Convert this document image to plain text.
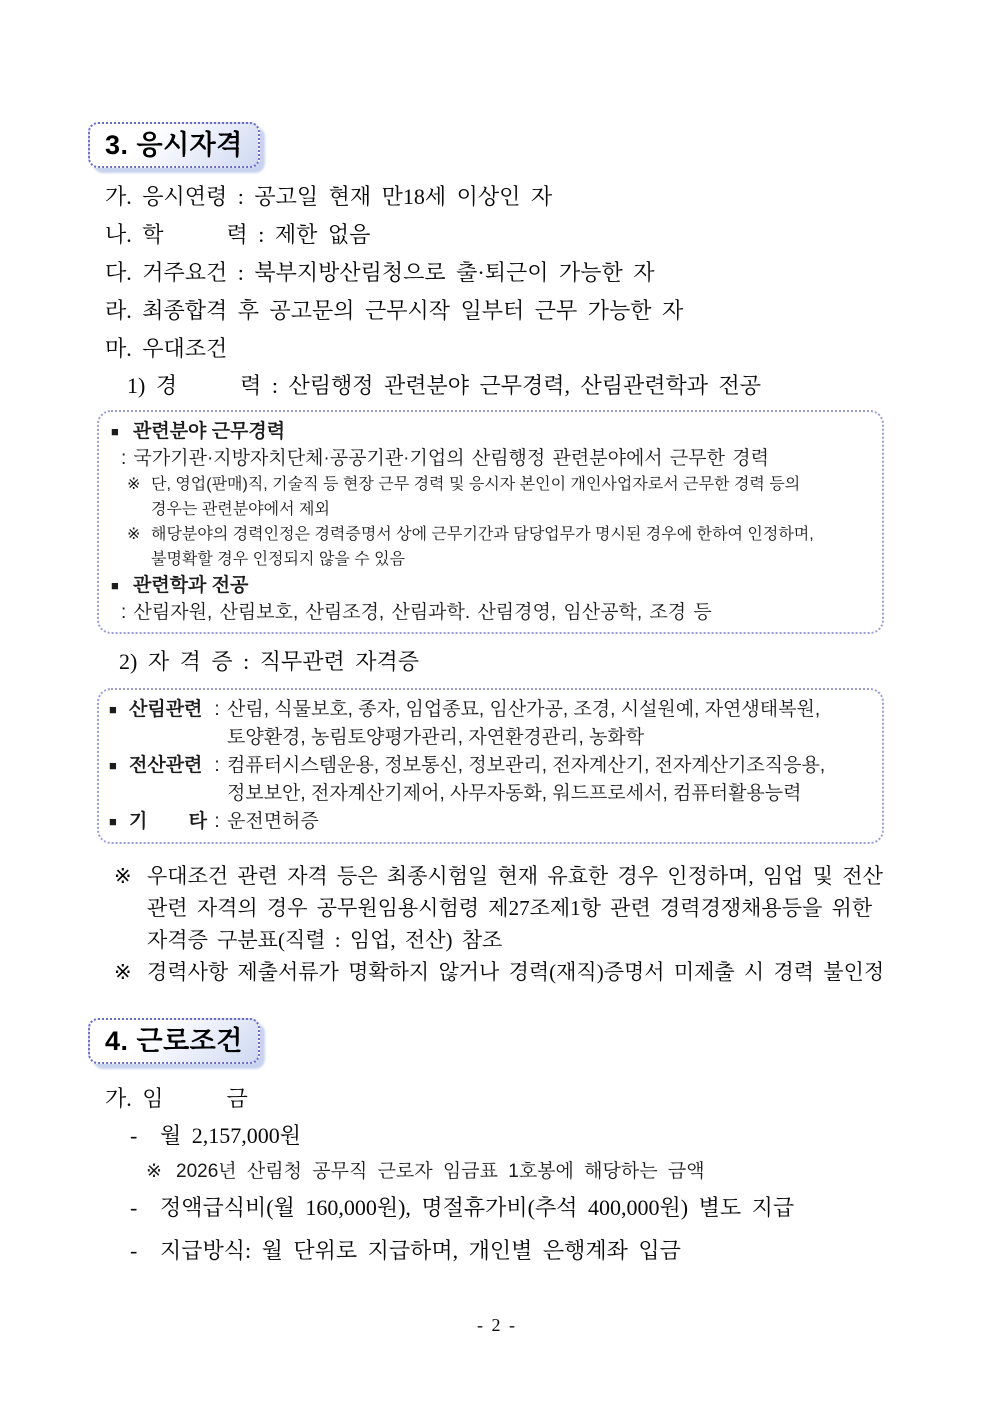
3. 응시자격
가. 응시연령 : 공고일 현재 만18세 이상인 자
나. 학      력 : 제한 없음
다. 거주요건 : 북부지방산림청으로 출·퇴근이 가능한 자
라. 최종합격 후 공고문의 근무시작 일부터 근무 가능한 자
마. 우대조건
1) 경      력 : 산림행정 관련분야 근무경력, 산림관련학과 전공
■ 관련분야 근무경력
: 국가기관·지방자치단체·공공기관·기업의 산림행정 관련분야에서 근무한 경력
※ 단, 영업(판매)직, 기술직 등 현장 근무 경력 및 응시자 본인이 개인사업자로서 근무한 경력 등의
경우는 관련분야에서 제외
※ 해당분야의 경력인정은 경력증명서 상에 근무기간과 담당업무가 명시된 경우에 한하여 인정하며,
불명확할 경우 인정되지 않을 수 있음
■ 관련학과 전공
: 산림자원, 산림보호, 산림조경, 산림과학. 산림경영, 임산공학, 조경 등
2) 자 격 증 : 직무관련 자격증
■ 산림관련 : 산림, 식물보호, 종자, 임업종묘, 임산가공, 조경, 시설원예, 자연생태복원,
토양환경, 농림토양평가관리, 자연환경관리, 농화학
■ 전산관련 : 컴퓨터시스템운용, 정보통신, 정보관리, 전자계산기, 전자계산기조직응용,
정보보안, 전자계산기제어, 사무자동화, 워드프로세서, 컴퓨터활용능력
■ 기 타 : 운전면허증
※ 우대조건 관련 자격 등은 최종시험일 현재 유효한 경우 인정하며, 임업 및 전산
관련 자격의 경우 공무원임용시험령 제27조제1항 관련 경력경쟁채용등을 위한
자격증 구분표(직렬 : 임업, 전산) 참조
※ 경력사항 제출서류가 명확하지 않거나 경력(재직)증명서 미제출 시 경력 불인정
4. 근로조건
가. 임      금
-	월 2,157,000원
※ 2026년 산림청 공무직 근로자 임금표 1호봉에 해당하는 금액
-	정액급식비(월 160,000원), 명절휴가비(추석 400,000원) 별도 지급
-	지급방식: 월 단위로 지급하며, 개인별 은행계좌 입금
- 2 -
